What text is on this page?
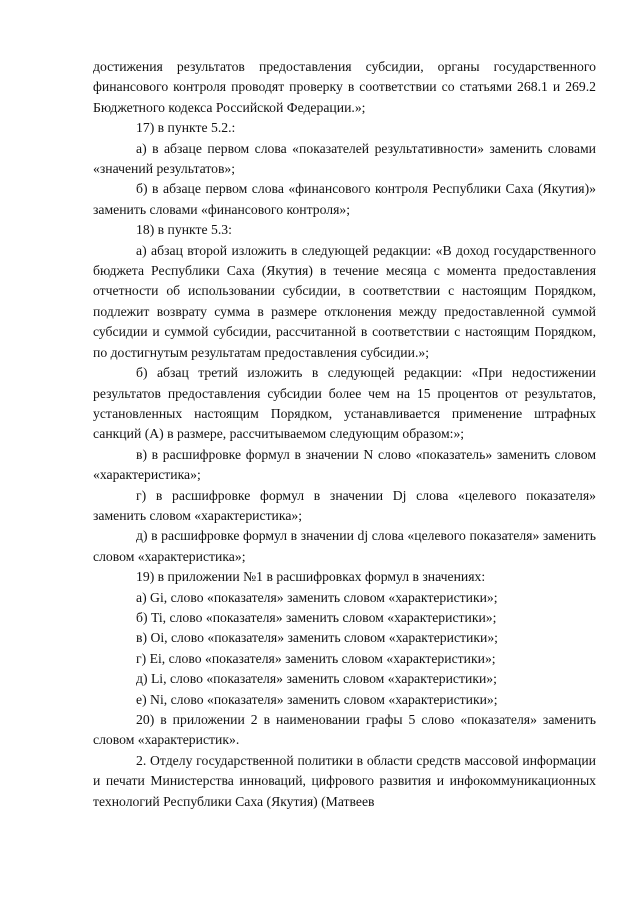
достижения результатов предоставления субсидии, органы государственного финансового контроля проводят проверку в соответствии со статьями 268.1 и 269.2 Бюджетного кодекса Российской Федерации.»;

17) в пункте 5.2.:

а) в абзаце первом слова «показателей результативности» заменить словами «значений результатов»;

б) в абзаце первом слова «финансового контроля Республики Саха (Якутия)» заменить словами «финансового контроля»;

18) в пункте 5.3:

а) абзац второй изложить в следующей редакции: «В доход государственного бюджета Республики Саха (Якутия) в течение месяца с момента предоставления отчетности об использовании субсидии, в соответствии с настоящим Порядком, подлежит возврату сумма в размере отклонения между предоставленной суммой субсидии и суммой субсидии, рассчитанной в соответствии с настоящим Порядком, по достигнутым результатам предоставления субсидии.»;

б) абзац третий изложить в следующей редакции: «При недостижении результатов предоставления субсидии более чем на 15 процентов от результатов, установленных настоящим Порядком, устанавливается применение штрафных санкций (А) в размере, рассчитываемом следующим образом:»;

в) в расшифровке формул в значении N слово «показатель» заменить словом «характеристика»;

г) в расшифровке формул в значении Dj слова «целевого показателя» заменить словом «характеристика»;

д) в расшифровке формул в значении dj слова «целевого показателя» заменить словом «характеристика»;

19) в приложении №1 в расшифровках формул в значениях:

а) Gi, слово «показателя» заменить словом «характеристики»;

б) Ti, слово «показателя» заменить словом «характеристики»;

в) Oi, слово «показателя» заменить словом «характеристики»;

г) Ei, слово «показателя» заменить словом «характеристики»;

д) Li, слово «показателя» заменить словом «характеристики»;

е) Ni, слово «показателя» заменить словом «характеристики»;

20) в приложении 2 в наименовании графы 5 слово «показателя» заменить словом «характеристик».

2. Отделу государственной политики в области средств массовой информации и печати Министерства инноваций, цифрового развития и инфокоммуникационных технологий Республики Саха (Якутия) (Матвеев
